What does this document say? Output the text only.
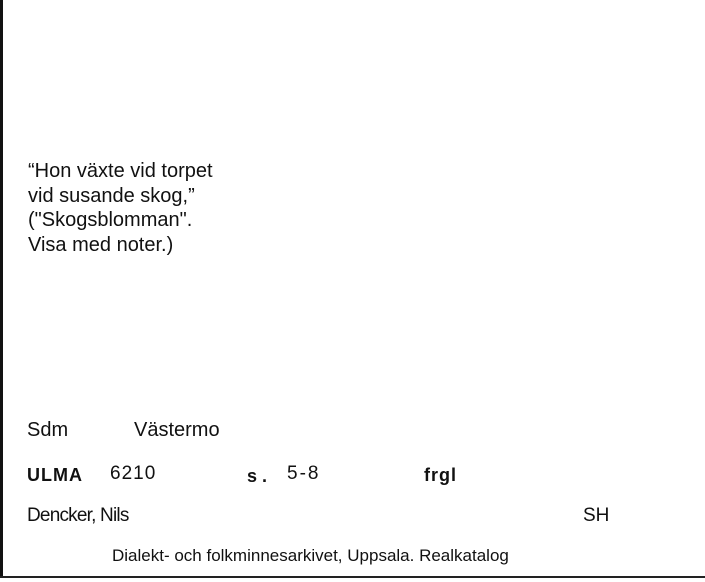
“Hon växte vid torpet
vid susande skog,”
("Skogsblomman".
Visa med noter.)
Sdm	Västermo
ULMA 6210	s. 5-8	frgl
Dencker, Nils	SH
Dialekt- och folkminnesarkivet, Uppsala. Realkatalog
